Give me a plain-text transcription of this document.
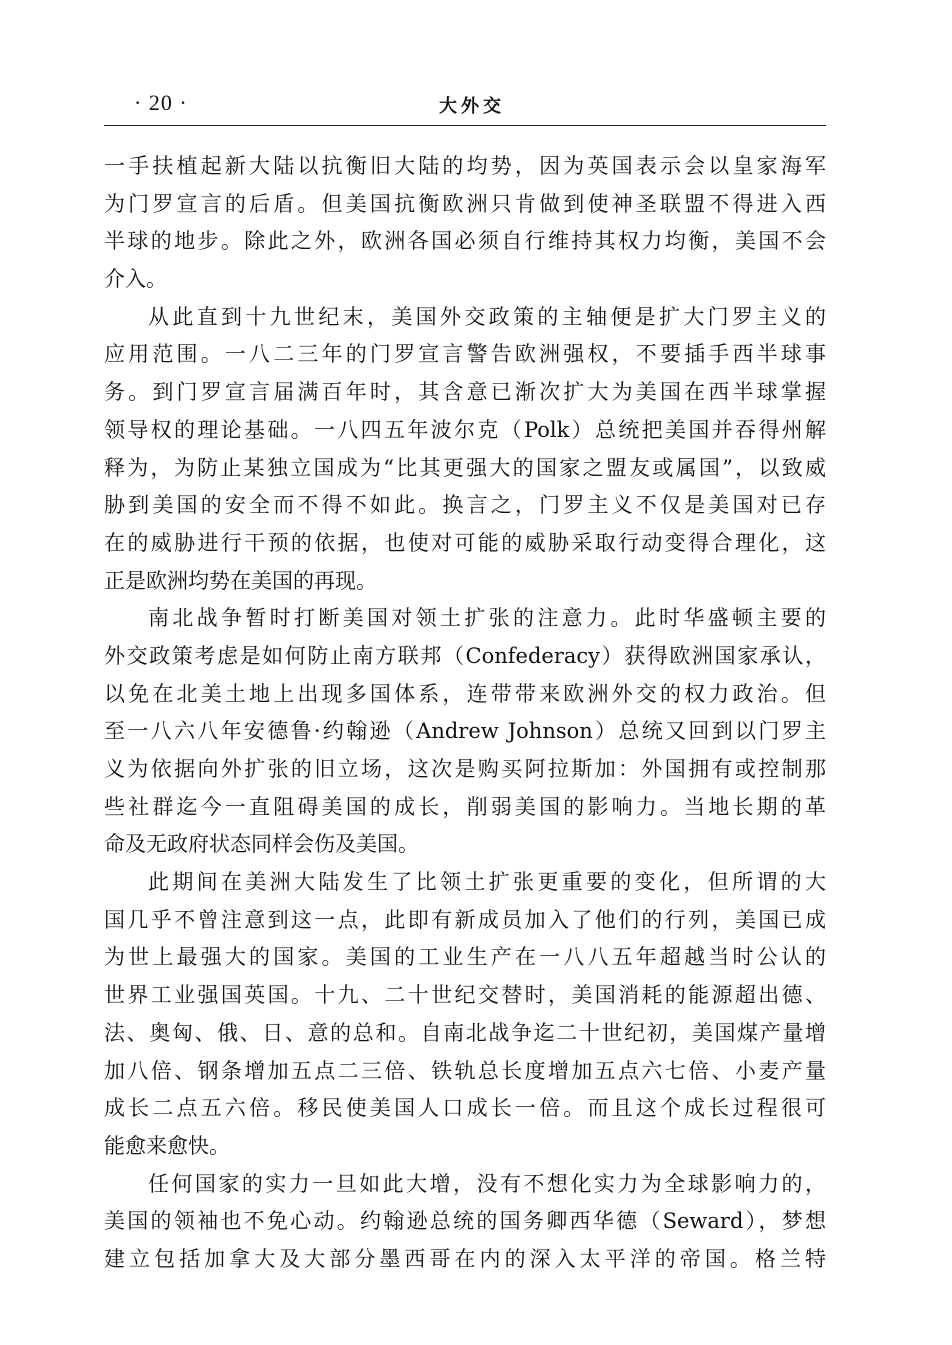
· 20 ·	大外交
一手扶植起新大陆以抗衡旧大陆的均势，因为英国表示会以皇家海军
为门罗宣言的后盾。但美国抗衡欧洲只肯做到使神圣联盟不得进入西
半球的地步。除此之外，欧洲各国必须自行维持其权力均衡，美国不会
介入。
从此直到十九世纪末，美国外交政策的主轴便是扩大门罗主义的
应用范围。一八二三年的门罗宣言警告欧洲强权，不要插手西半球事
务。到门罗宣言届满百年时，其含意已渐次扩大为美国在西半球掌握
领导权的理论基础。一八四五年波尔克（Polk）总统把美国并吞得州解
释为，为防止某独立国成为“比其更强大的国家之盟友或属国”，以致威
胁到美国的安全而不得不如此。换言之，门罗主义不仅是美国对已存
在的威胁进行干预的依据，也使对可能的威胁采取行动变得合理化，这
正是欧洲均势在美国的再现。
南北战争暂时打断美国对领土扩张的注意力。此时华盛顿主要的
外交政策考虑是如何防止南方联邦（Confederacy）获得欧洲国家承认，
以免在北美土地上出现多国体系，连带带来欧洲外交的权力政治。但
至一八六八年安德鲁·约翰逊（Andrew Johnson）总统又回到以门罗主
义为依据向外扩张的旧立场，这次是购买阿拉斯加：外国拥有或控制那
些社群迄今一直阻碍美国的成长，削弱美国的影响力。当地长期的革
命及无政府状态同样会伤及美国。
此期间在美洲大陆发生了比领土扩张更重要的变化，但所谓的大
国几乎不曾注意到这一点，此即有新成员加入了他们的行列，美国已成
为世上最强大的国家。美国的工业生产在一八八五年超越当时公认的
世界工业强国英国。十九、二十世纪交替时，美国消耗的能源超出德、
法、奥匈、俄、日、意的总和。自南北战争迄二十世纪初，美国煤产量增
加八倍、钢条增加五点二三倍、铁轨总长度增加五点六七倍、小麦产量
成长二点五六倍。移民使美国人口成长一倍。而且这个成长过程很可
能愈来愈快。
任何国家的实力一旦如此大增，没有不想化实力为全球影响力的，
美国的领袖也不免心动。约翰逊总统的国务卿西华德（Seward），梦想
建立包括加拿大及大部分墨西哥在内的深入太平洋的帝国。格兰特
